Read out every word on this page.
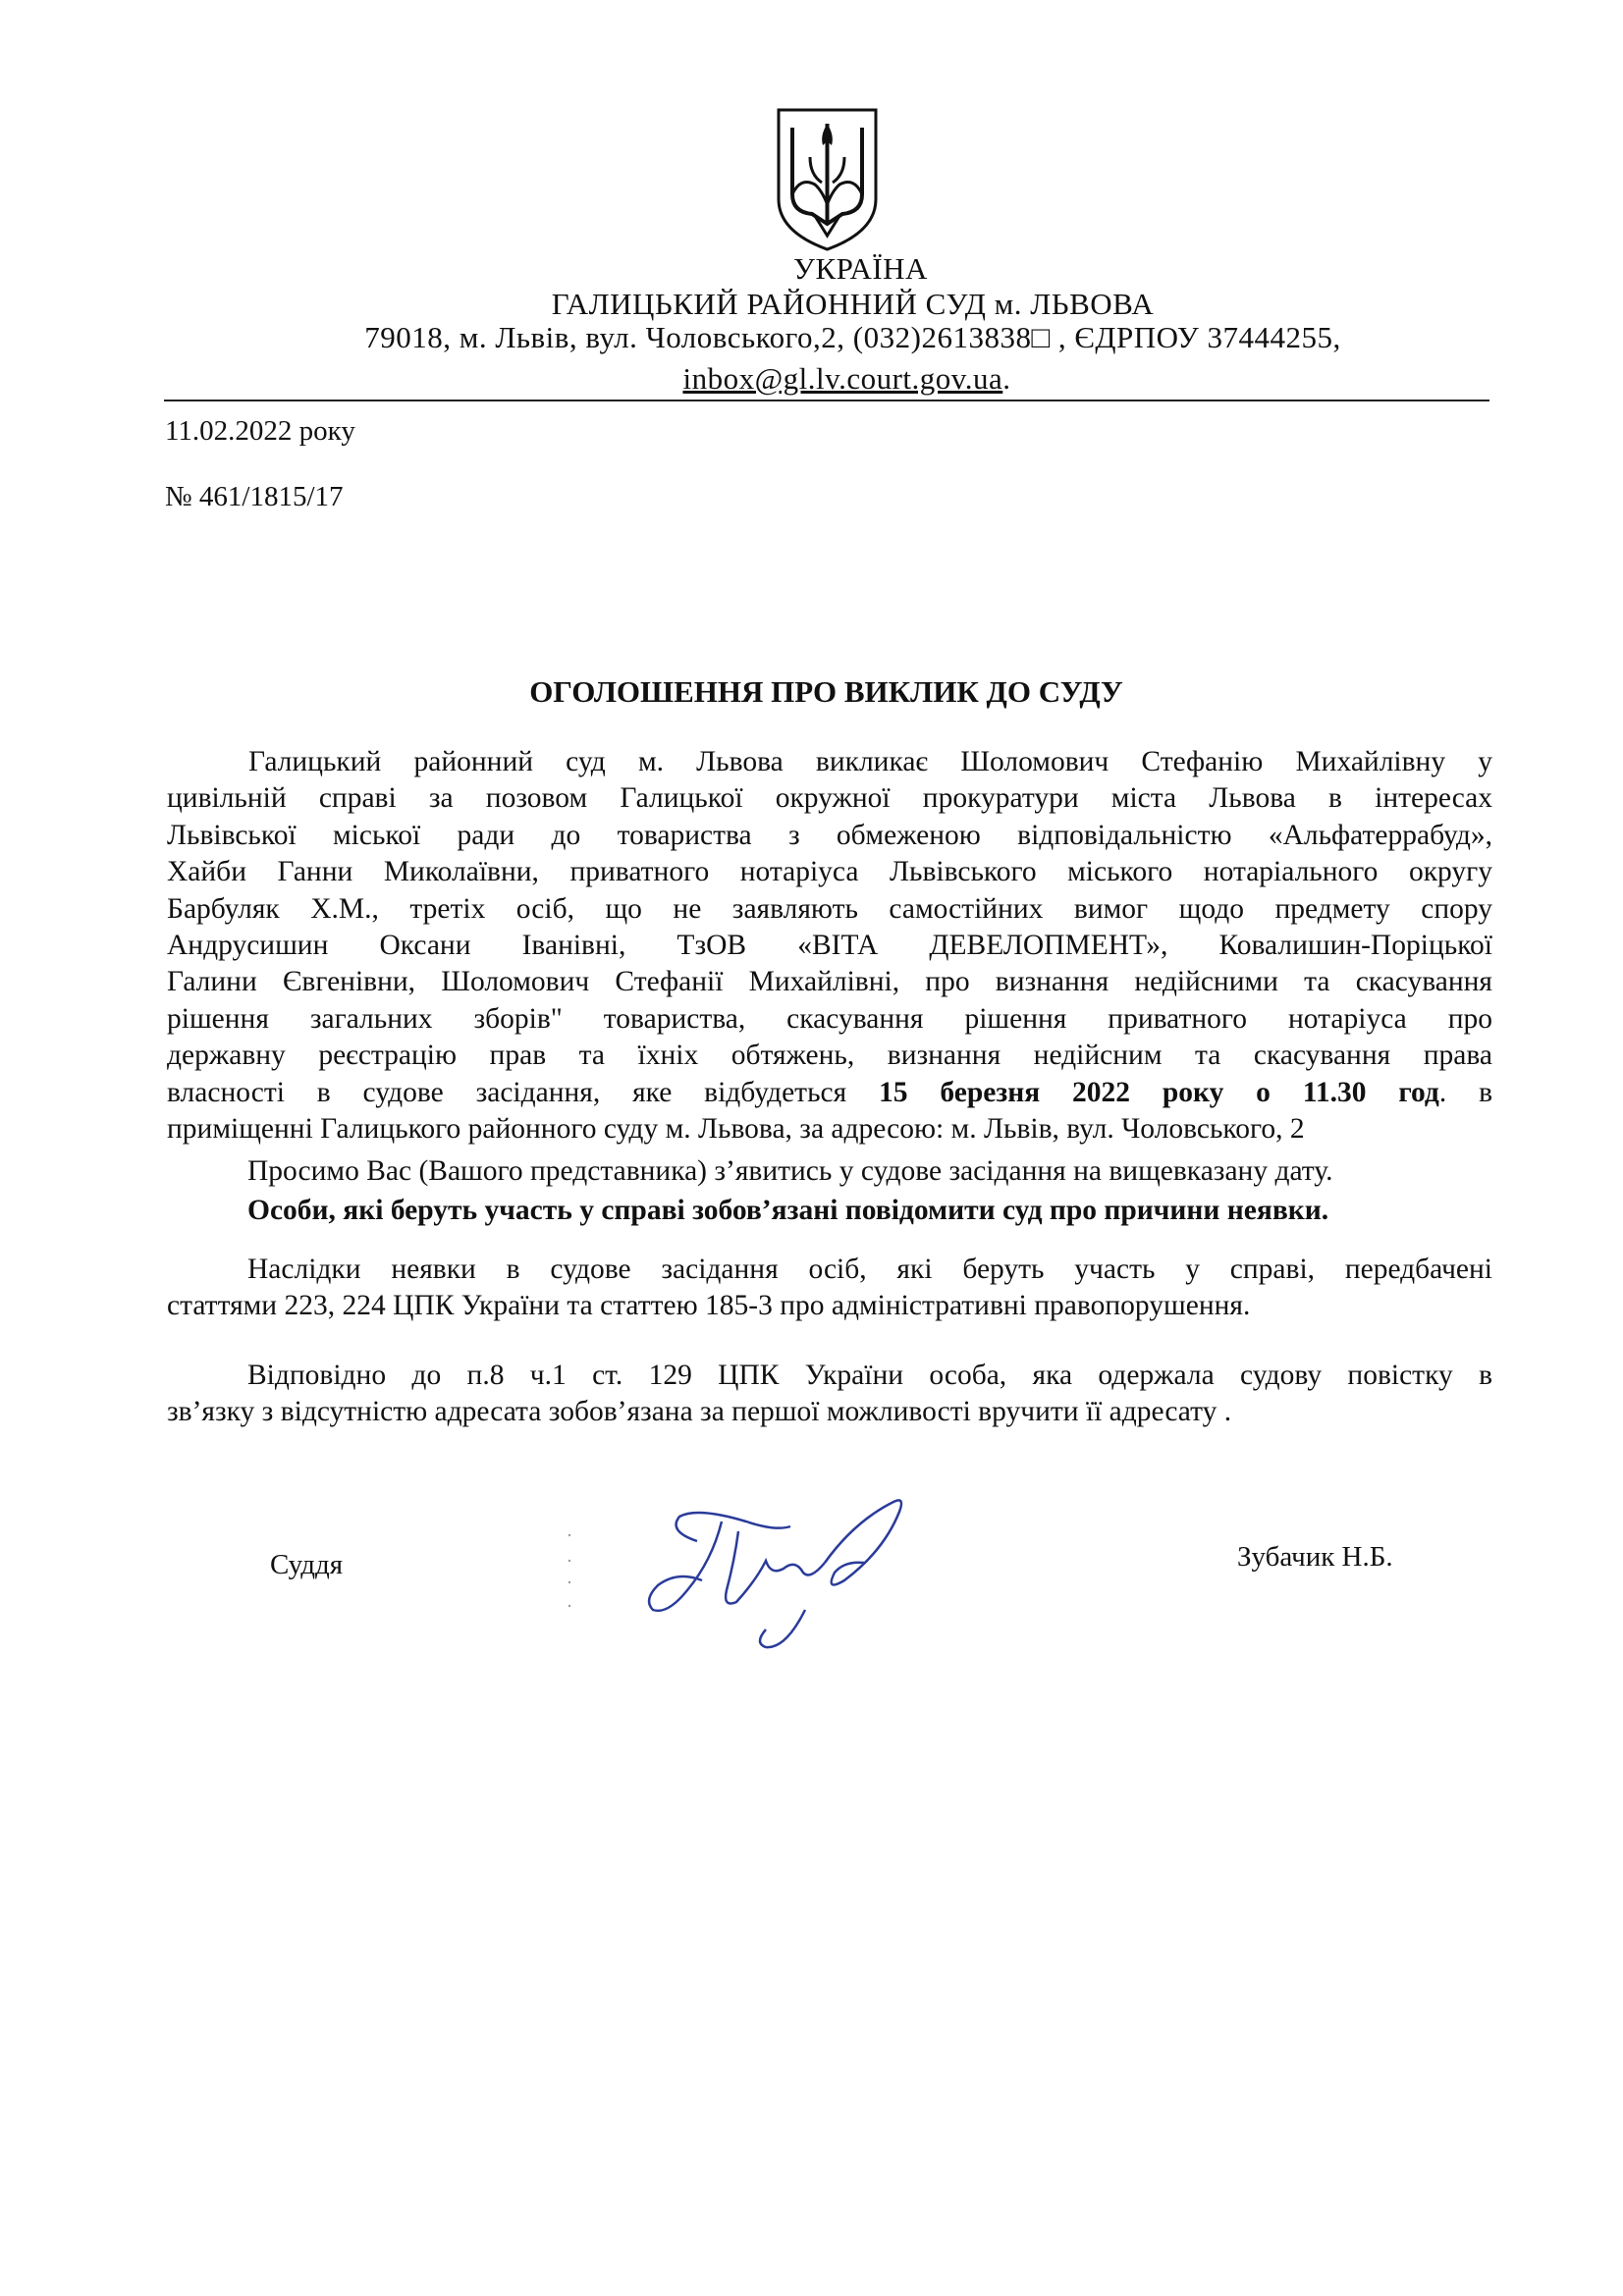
УКРАЇНА
ГАЛИЦЬКИЙ РАЙОННИЙ СУД м. ЛЬВОВА
79018, м. Львів, вул. Чоловського,2, (032)2613838□ , ЄДРПОУ 37444255,
inbox@gl.lv.court.gov.ua.
11.02.2022 року
№ 461/1815/17
ОГОЛОШЕННЯ ПРО ВИКЛИК ДО СУДУ
Галицький районний суд м. Львова викликає Шоломович Стефанію Михайлівну у
цивільній справі за позовом Галицької окружної прокуратури міста Львова в інтересах
Львівської міської ради до товариства з обмеженою відповідальністю «Альфатеррабуд»,
Хайби Ганни Миколаївни, приватного нотаріуса Львівського міського нотаріального округу
Барбуляк Х.М., третіх осіб, що не заявляють самостійних вимог щодо предмету спору
Андрусишин Оксани Іванівні, ТзОВ «ВІТА ДЕВЕЛОПМЕНТ», Ковалишин-Поріцької
Галини Євгенівни, Шоломович Стефанії Михайлівні, про визнання недійсними та скасування
рішення загальних зборів" товариства, скасування рішення приватного нотаріуса про
державну реєстрацію прав та їхніх обтяжень, визнання недійсним та скасування права
власності в судове засідання, яке відбудеться 15 березня 2022 року о 11.30 год. в
приміщенні Галицького районного суду м. Львова, за адресою: м. Львів, вул. Чоловського, 2
Просимо Вас (Вашого представника) з’явитись у судове засідання на вищевказану дату.
Особи, які беруть участь у справі зобов’язані повідомити суд про причини неявки.
Наслідки неявки в судове засідання осіб, які беруть участь у справі, передбачені
статтями 223, 224 ЦПК України та статтею 185-3 про адміністративні правопорушення.
Відповідно до п.8 ч.1 ст. 129 ЦПК України особа, яка одержала судову повістку в
зв’язку з відсутністю адресата зобов’язана за першої можливості вручити її адресату .
Суддя	Зубачик Н.Б.
